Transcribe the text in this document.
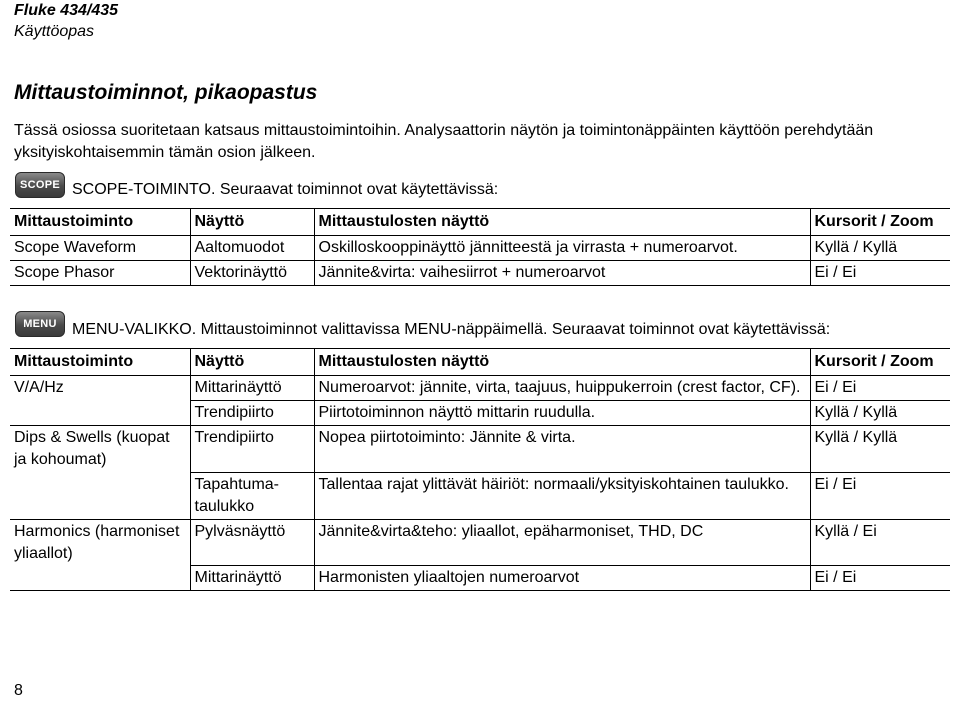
Fluke 434/435
Käyttöopas
Mittaustoiminnot, pikaopastus
Tässä osiossa suoritetaan katsaus mittaustoimintoihin. Analysaattorin näytön ja toimintonäppäinten käyttöön perehdytään yksityiskohtaisemmin tämän osion jälkeen.
SCOPE SCOPE-TOIMINTO. Seuraavat toiminnot ovat käytettävissä:
Mittaustoiminto	Näyttö	Mittaustulosten näyttö	Kursorit / Zoom
Scope Waveform	Aaltomuodot	Oskilloskooppinäyttö jännitteestä ja virrasta + numeroarvot.	Kyllä / Kyllä
Scope Phasor	Vektorinäyttö	Jännite&virta: vaihesiirrot + numeroarvot	Ei / Ei
MENU MENU-VALIKKO. Mittaustoiminnot valittavissa MENU-näppäimellä. Seuraavat toiminnot ovat käytettävissä:
Mittaustoiminto	Näyttö	Mittaustulosten näyttö	Kursorit / Zoom
V/A/Hz	Mittarinäyttö	Numeroarvot: jännite, virta, taajuus, huippukerroin (crest factor, CF).	Ei / Ei
	Trendipiirto	Piirtotoiminnon näyttö mittarin ruudulla.	Kyllä / Kyllä
Dips & Swells (kuopat ja kohoumat)	Trendipiirto	Nopea piirtotoiminto: Jännite & virta.	Kyllä / Kyllä
	Tapahtuma-taulukko	Tallentaa rajat ylittävät häiriöt: normaali/yksityiskohtainen taulukko.	Ei / Ei
Harmonics (harmoniset yliaallot)	Pylväsnäyttö	Jännite&virta&teho: yliaallot, epäharmoniset, THD, DC	Kyllä / Ei
	Mittarinäyttö	Harmonisten yliaaltojen numeroarvot	Ei / Ei
8
